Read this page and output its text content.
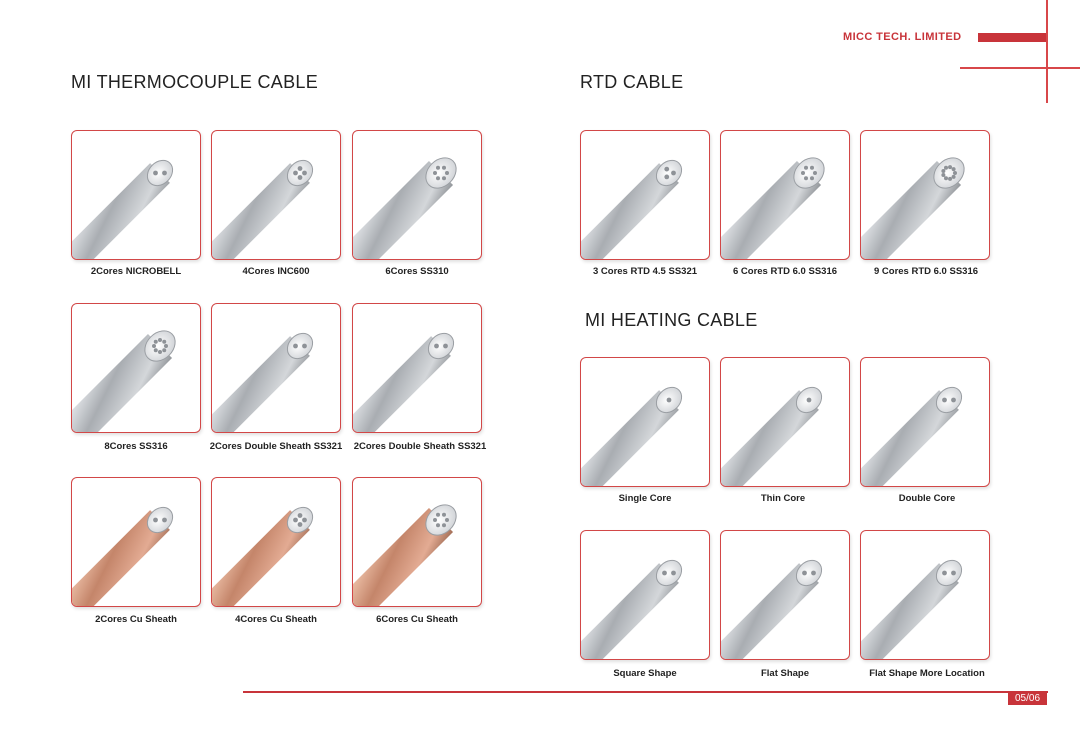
MICC TECH. LIMITED
MI THERMOCOUPLE CABLE	RTD CABLE
MI HEATING CABLE
2Cores NICROBELL	4Cores INC600	6Cores SS310
8Cores SS316	2Cores Double Sheath SS321	2Cores Double Sheath SS321
2Cores Cu Sheath	4Cores Cu Sheath	6Cores Cu Sheath
3 Cores RTD 4.5 SS321	6 Cores RTD 6.0 SS316	9 Cores RTD 6.0 SS316
Single Core	Thin Core	Double Core
Square Shape	Flat Shape	Flat Shape More Location
05/06
